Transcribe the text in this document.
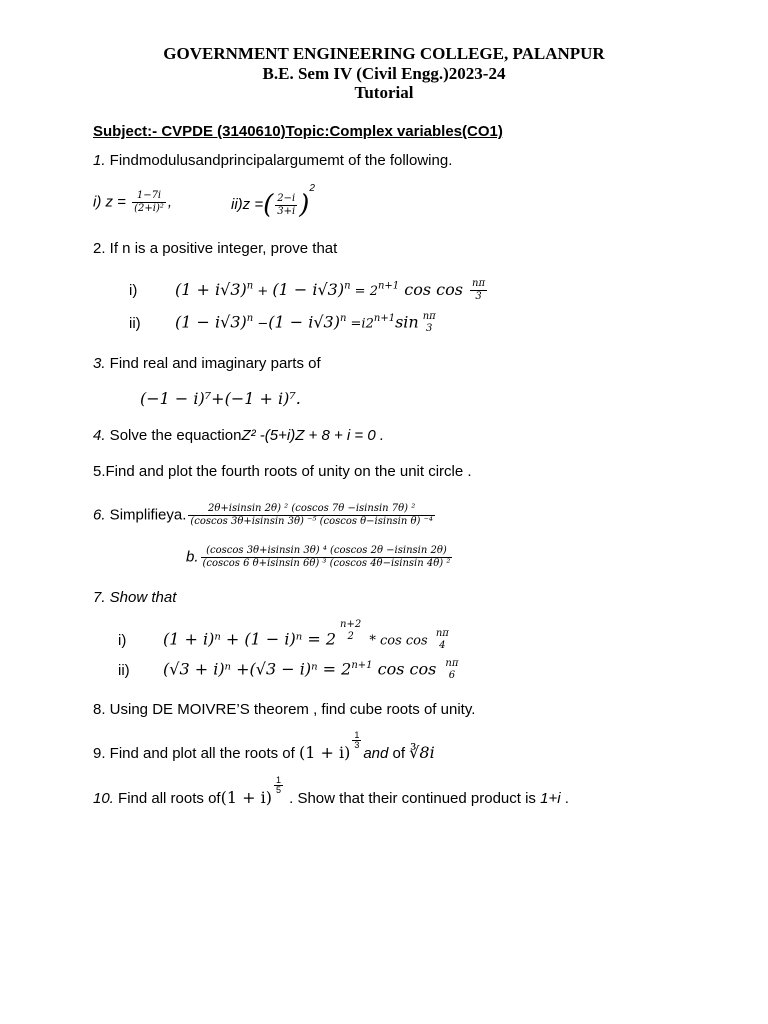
GOVERNMENT ENGINEERING COLLEGE, PALANPUR
B.E. Sem IV (Civil Engg.)2023-24
Tutorial
Subject:- CVPDE (3140610)Topic:Complex variables(CO1)
1. Findmodulusandprincipalargumemt of the following.
i) $z = \frac{1-7i}{\text{(2+i)²}}$ ,	ii)z =( $\frac{2-i}{3+i} )^2$
2. If n is a positive integer, prove that
i) $(1 + i√3)^n + (1 - i√3)^n = 2^{n+1}$ $\cos \cos \frac{n\pi}{3}$
ii) $(1 - i√3)^n -(1 - i√3)^n =i2^{n+1}\sin$ nπ
3
3. Find real and imaginary parts of
(−1 − i)⁷+(−1 + i)⁷.
4. Solve the equactionZ² -(5+i)Z + 8 + i = 0 .
5.Find and plot the fourth roots of unity on the unit circle .
6. Simplifieya. $\frac{\text{2θ+isinsin 2θ) ² (coscos 7θ −isinsin 7θ) ²}}{\text{(coscos 3θ+isinsin 3θ) ⁻⁵ (coscos θ−isinsin θ) ⁻⁴}}$
b. $\frac{\text{(coscos 3θ+isinsin 3θ) ⁴ (coscos 2θ −isinsin 2θ)}}{\text{(coscos 6 θ+isinsin 6θ) ³ (coscos 4θ−isinsin 4θ) ²}}$
7. Show that
i) (1 + i)ⁿ + (1 − i)ⁿ = 2
n+2
2 * cos cos nπ
4
ii) $(√3 + i)^n +(√3 - i)^n = 2^{n+1}$ cos cos nπ
6
8. Using DE MOIVRE’S theorem , find cube roots of unity.
9. Find and plot all the roots of (1 + i)
$\frac{1}{3}$
and of ∛8i
10. Find all roots of(1 + i)
$\frac{1}{5}$
. Show that their continued product is 1+i .
